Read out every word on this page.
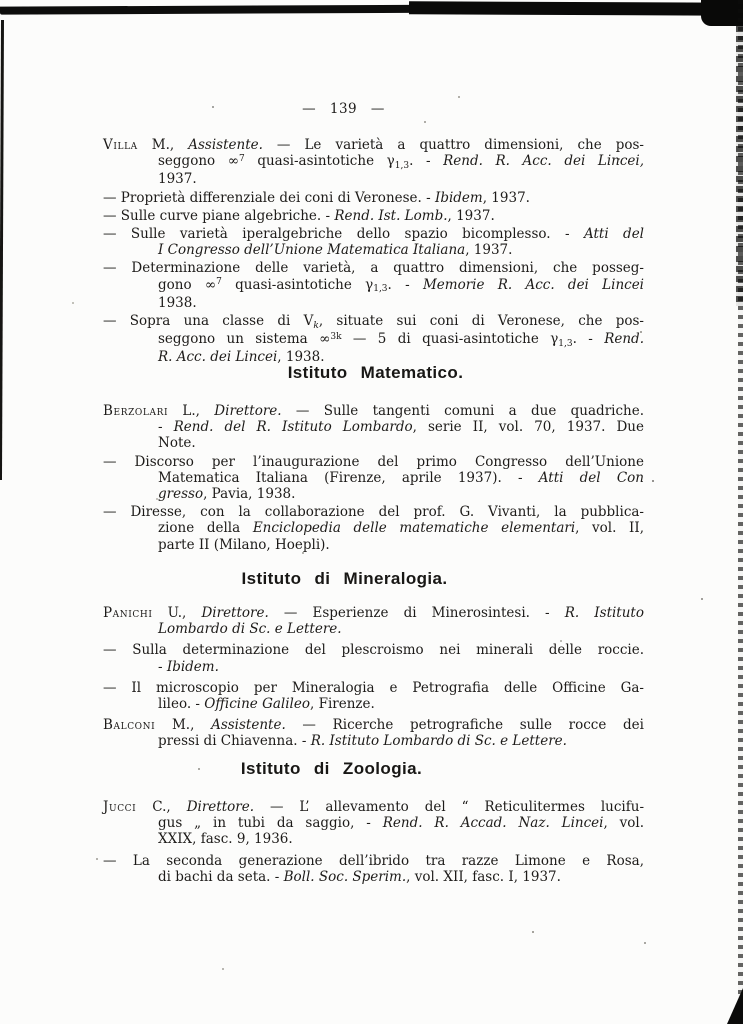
— 139 —
Villa M., Assistente. — Le varietà a quattro dimensioni, che pos-
seggono ∞$^7$ quasi-asintotiche γ1,3. - Rend. R. Acc. dei Lincei,
1937.
— Proprietà differenziale dei coni di Veronese. - Ibidem, 1937.
— Sulle curve piane algebriche. - Rend. Ist. Lomb., 1937.
— Sulle varietà iperalgebriche dello spazio bicomplesso. - Atti del
I Congresso dell’Unione Matematica Italiana, 1937.
— Determinazione delle varietà, a quattro dimensioni, che posseg-
gono ∞$^7$ quasi-asintotiche γ1,3. - Memorie R. Acc. dei Lincei
1938.
— Sopra una classe di Vk, situate sui coni di Veronese, che pos-
seggono un sistema ∞$^{3k}$ — 5 di quasi-asintotiche γ1,3. - Rend.
R. Acc. dei Lincei, 1938.
Istituto Matematico.
Berzolari L., Direttore. — Sulle tangenti comuni a due quadriche.
- Rend. del R. Istituto Lombardo, serie II, vol. 70, 1937. Due
Note.
— Discorso per l’inaugurazione del primo Congresso dell’Unione
Matematica Italiana (Firenze, aprile 1937). - Atti del Con
gresso, Pavia, 1938.
— Diresse, con la collaborazione del prof. G. Vivanti, la pubblica-
zione della Enciclopedia delle matematiche elementari, vol. II,
parte II (Milano, Hoepli).
Istituto di Mineralogia.
Panichi U., Direttore. — Esperienze di Minerosintesi. - R. Istituto
Lombardo di Sc. e Lettere.
— Sulla determinazione del plescroismo nei minerali delle roccie.
- Ibidem.
— Il microscopio per Mineralogia e Petrografia delle Officine Ga-
lileo. - Officine Galileo, Firenze.
Balconi M., Assistente. — Ricerche petrografiche sulle rocce dei
pressi di Chiavenna. - R. Istituto Lombardo di Sc. e Lettere.
Istituto di Zoologia.
Jucci C., Direttore. — L’ allevamento del “ Reticulitermes lucifu-
gus „ in tubi da saggio, - Rend. R. Accad. Naz. Lincei, vol.
XXIX, fasc. 9, 1936.
— La seconda generazione dell’ibrido tra razze Limone e Rosa,
di bachi da seta. - Boll. Soc. Sperim., vol. XII, fasc. I, 1937.
